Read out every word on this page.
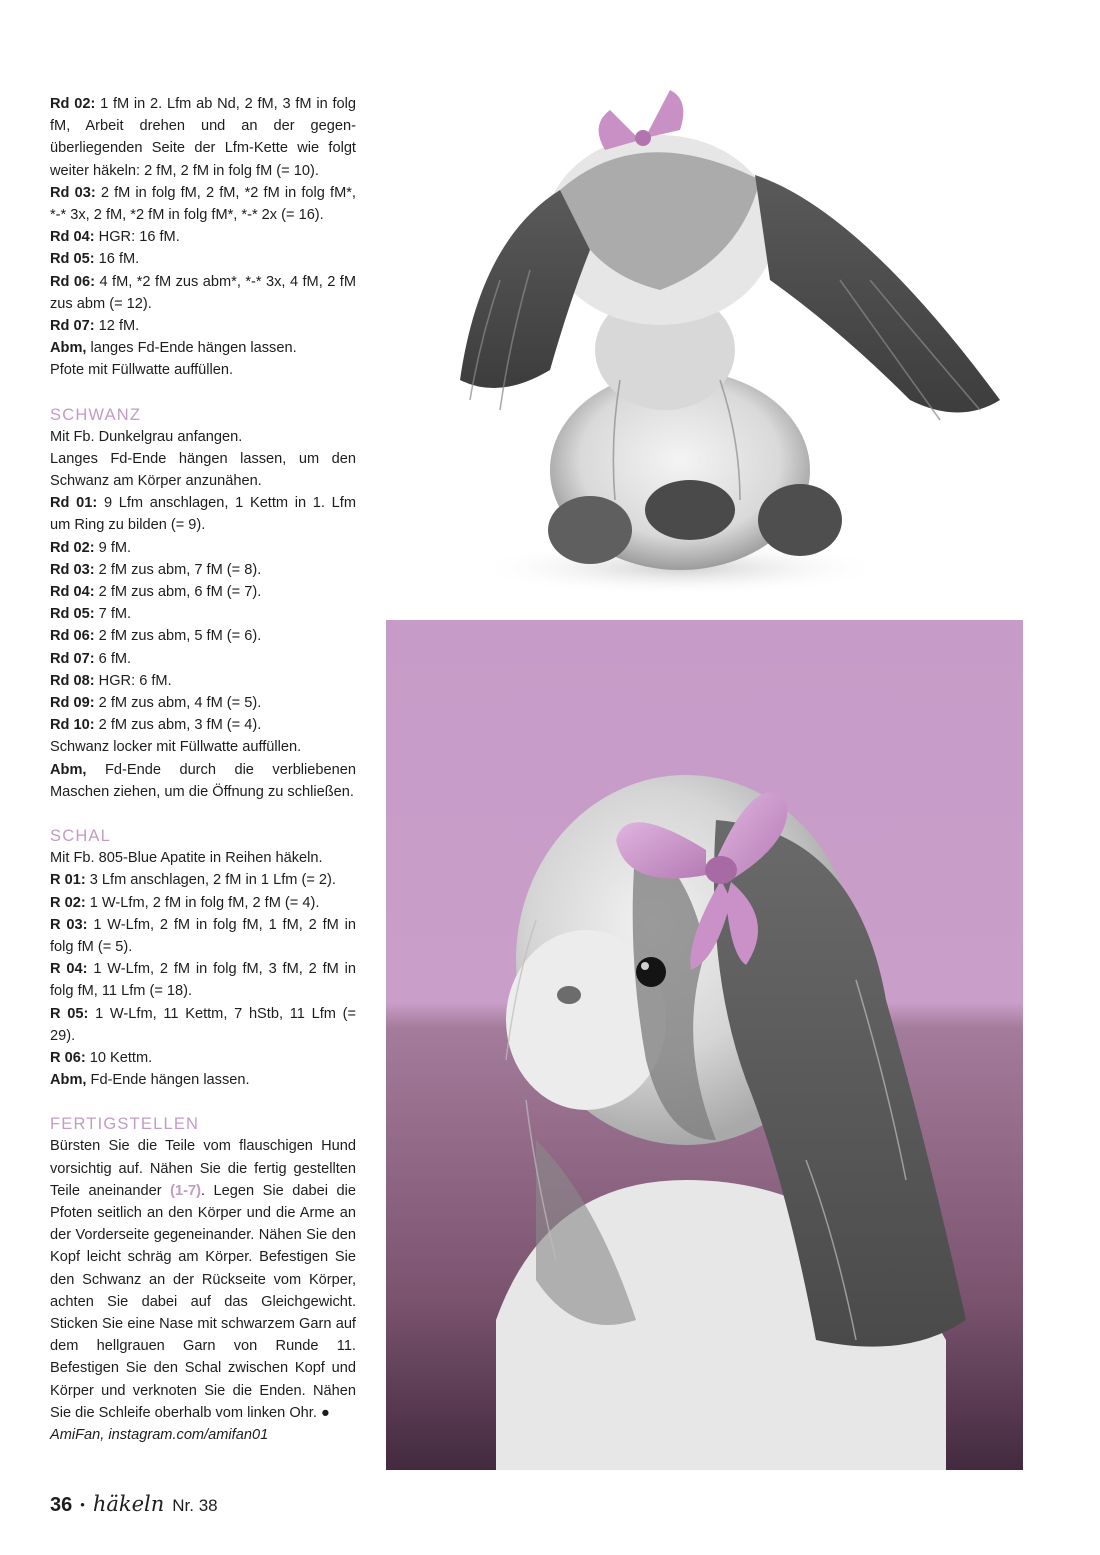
Rd 02: 1 fM in 2. Lfm ab Nd, 2 fM, 3 fM in folg fM, Arbeit drehen und an der gegenüberliegenden Seite der Lfm-Kette wie folgt weiter häkeln: 2 fM, 2 fM in folg fM (= 10).

Rd 03: 2 fM in folg fM, 2 fM, *2 fM in folg fM*, *-* 3x, 2 fM, *2 fM in folg fM*, *-* 2x (= 16).

Rd 04: HGR: 16 fM.

Rd 05: 16 fM.

Rd 06: 4 fM, *2 fM zus abm*, *-* 3x, 4 fM, 2 fM zus abm (= 12).

Rd 07: 12 fM.

Abm, langes Fd-Ende hängen lassen.

Pfote mit Füllwatte auffüllen.

SCHWANZ

Mit Fb. Dunkelgrau anfangen.

Langes Fd-Ende hängen lassen, um den Schwanz am Körper anzunähen.

Rd 01: 9 Lfm anschlagen, 1 Kettm in 1. Lfm um Ring zu bilden (= 9).

Rd 02: 9 fM.

Rd 03: 2 fM zus abm, 7 fM (= 8).

Rd 04: 2 fM zus abm, 6 fM (= 7).

Rd 05: 7 fM.

Rd 06: 2 fM zus abm, 5 fM (= 6).

Rd 07: 6 fM.

Rd 08: HGR: 6 fM.

Rd 09: 2 fM zus abm, 4 fM (= 5).

Rd 10: 2 fM zus abm, 3 fM (= 4).

Schwanz locker mit Füllwatte auffüllen.

Abm, Fd-Ende durch die verbliebenen Maschen ziehen, um die Öffnung zu schließen.

SCHAL

Mit Fb. 805-Blue Apatite in Reihen häkeln.

R 01: 3 Lfm anschlagen, 2 fM in 1 Lfm (= 2).

R 02: 1 W-Lfm, 2 fM in folg fM, 2 fM (= 4).

R 03: 1 W-Lfm, 2 fM in folg fM, 1 fM, 2 fM in folg fM (= 5).

R 04: 1 W-Lfm, 2 fM in folg fM, 3 fM, 2 fM in folg fM, 11 Lfm (= 18).

R 05: 1 W-Lfm, 11 Kettm, 7 hStb, 11 Lfm (= 29).

R 06: 10 Kettm.

Abm, Fd-Ende hängen lassen.

FERTIGSTELLEN

Bürsten Sie die Teile vom flauschigen Hund vorsichtig auf. Nähen Sie die fertig gestellten Teile aneinander (1-7). Legen Sie dabei die Pfoten seitlich an den Körper und die Arme an der Vorderseite gegeneinander. Nähen Sie den Kopf leicht schräg am Körper. Befestigen Sie den Schwanz an der Rückseite vom Körper, achten Sie dabei auf das Gleichgewicht. Sticken Sie eine Nase mit schwarzem Garn auf dem hellgrauen Garn von Runde 11. Befestigen Sie den Schal zwischen Kopf und Körper und verknoten Sie die Enden. Nähen Sie die Schleife oberhalb vom linken Ohr. ●

AmiFan, instagram.com/amifan01

36 • häkeln Nr. 38
